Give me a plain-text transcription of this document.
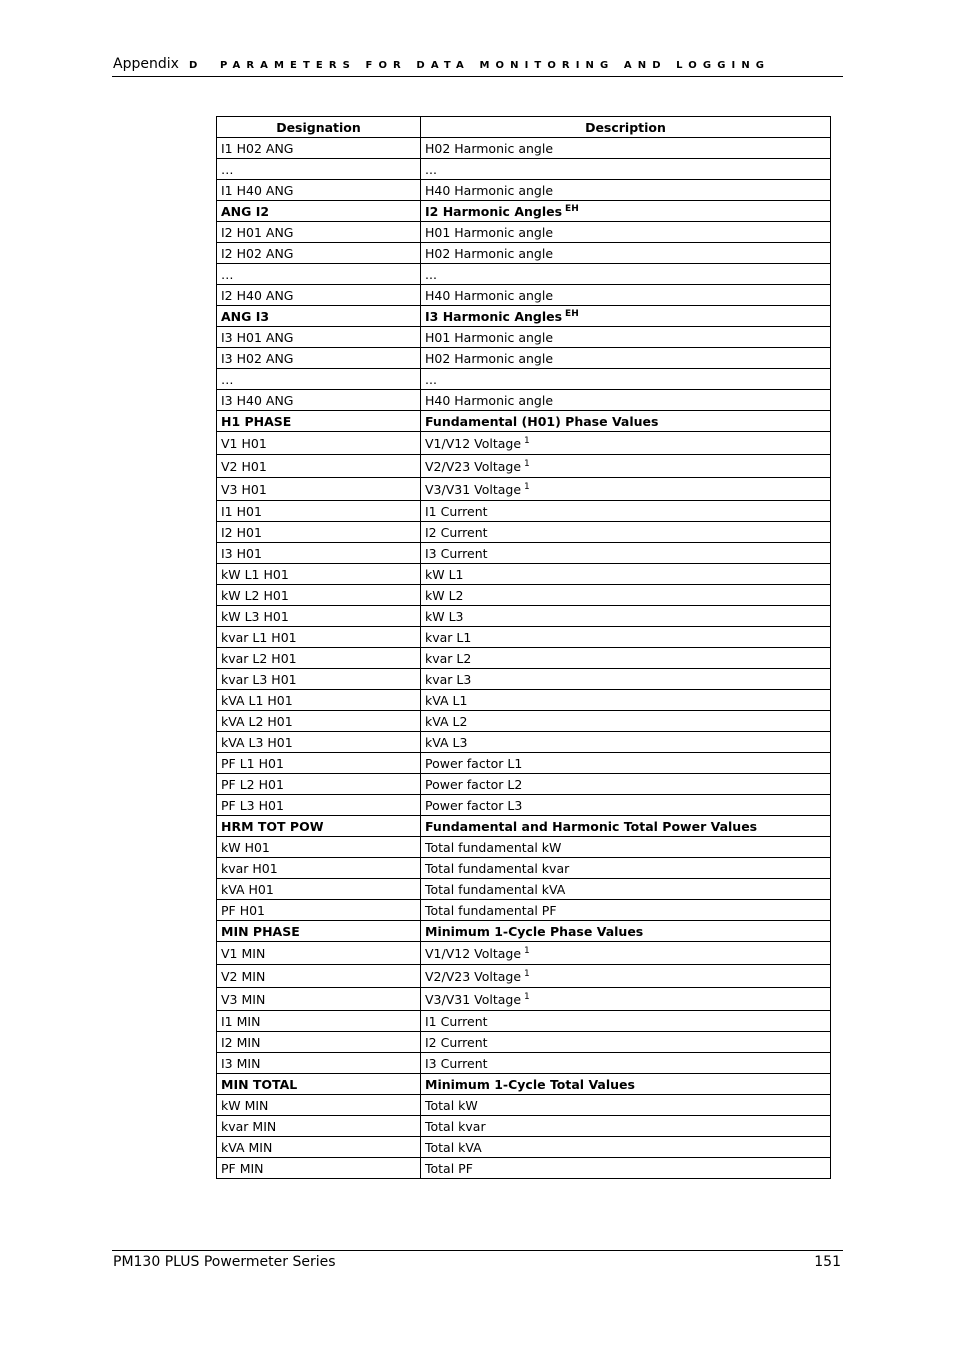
Appendix D PARAMETERS FOR DATA MONITORING AND LOGGING
Designation	Description
I1 H02 ANG	H02 Harmonic angle
…	...
I1 H40 ANG	H40 Harmonic angle
ANG I2	I2 Harmonic Angles $^{EH}$
I2 H01 ANG	H01 Harmonic angle
I2 H02 ANG	H02 Harmonic angle
…	...
I2 H40 ANG	H40 Harmonic angle
ANG I3	I3 Harmonic Angles $^{EH}$
I3 H01 ANG	H01 Harmonic angle
I3 H02 ANG	H02 Harmonic angle
…	...
I3 H40 ANG	H40 Harmonic angle
H1 PHASE	Fundamental (H01) Phase Values
V1 H01	V1/V12 Voltage $^1$
V2 H01	V2/V23 Voltage $^1$
V3 H01	V3/V31 Voltage $^1$
I1 H01	I1 Current
I2 H01	I2 Current
I3 H01	I3 Current
kW L1 H01	kW L1
kW L2 H01	kW L2
kW L3 H01	kW L3
kvar L1 H01	kvar L1
kvar L2 H01	kvar L2
kvar L3 H01	kvar L3
kVA L1 H01	kVA L1
kVA L2 H01	kVA L2
kVA L3 H01	kVA L3
PF L1 H01	Power factor L1
PF L2 H01	Power factor L2
PF L3 H01	Power factor L3
HRM TOT POW	Fundamental and Harmonic Total Power Values
kW H01	Total fundamental kW
kvar H01	Total fundamental kvar
kVA H01	Total fundamental kVA
PF H01	Total fundamental PF
MIN PHASE	Minimum 1-Cycle Phase Values
V1 MIN	V1/V12 Voltage $^1$
V2 MIN	V2/V23 Voltage $^1$
V3 MIN	V3/V31 Voltage $^1$
I1 MIN	I1 Current
I2 MIN	I2 Current
I3 MIN	I3 Current
MIN TOTAL	Minimum 1-Cycle Total Values
kW MIN	Total kW
kvar MIN	Total kvar
kVA MIN	Total kVA
PF MIN	Total PF
PM130 PLUS Powermeter Series	151
